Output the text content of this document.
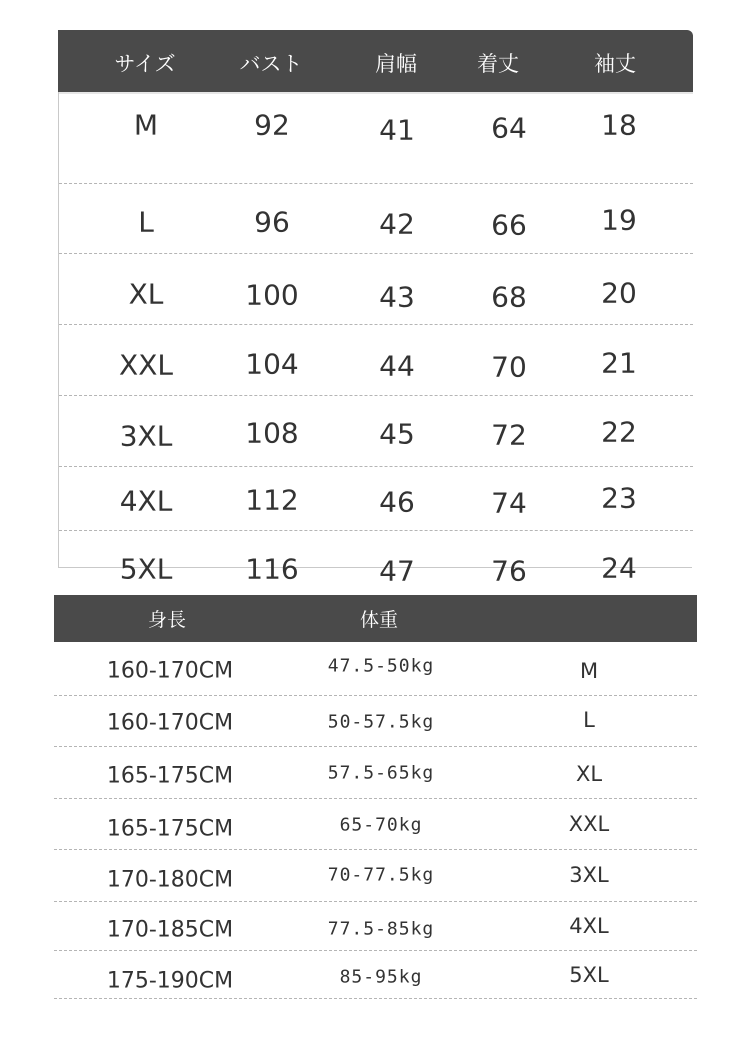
サイズ	バスト	肩幅	着丈	袖丈
M	92	41	64	18
L	96	42	66	19
XL	100	43	68	20
XXL	104	44	70	21
3XL	108	45	72	22
4XL	112	46	74	23
5XL	116	47	76	24
身長	体重
160-170CM	47.5-50kg	M
160-170CM	50-57.5kg	L
165-175CM	57.5-65kg	XL
165-175CM	65-70kg	XXL
170-180CM	70-77.5kg	3XL
170-185CM	77.5-85kg	4XL
175-190CM	85-95kg	5XL
